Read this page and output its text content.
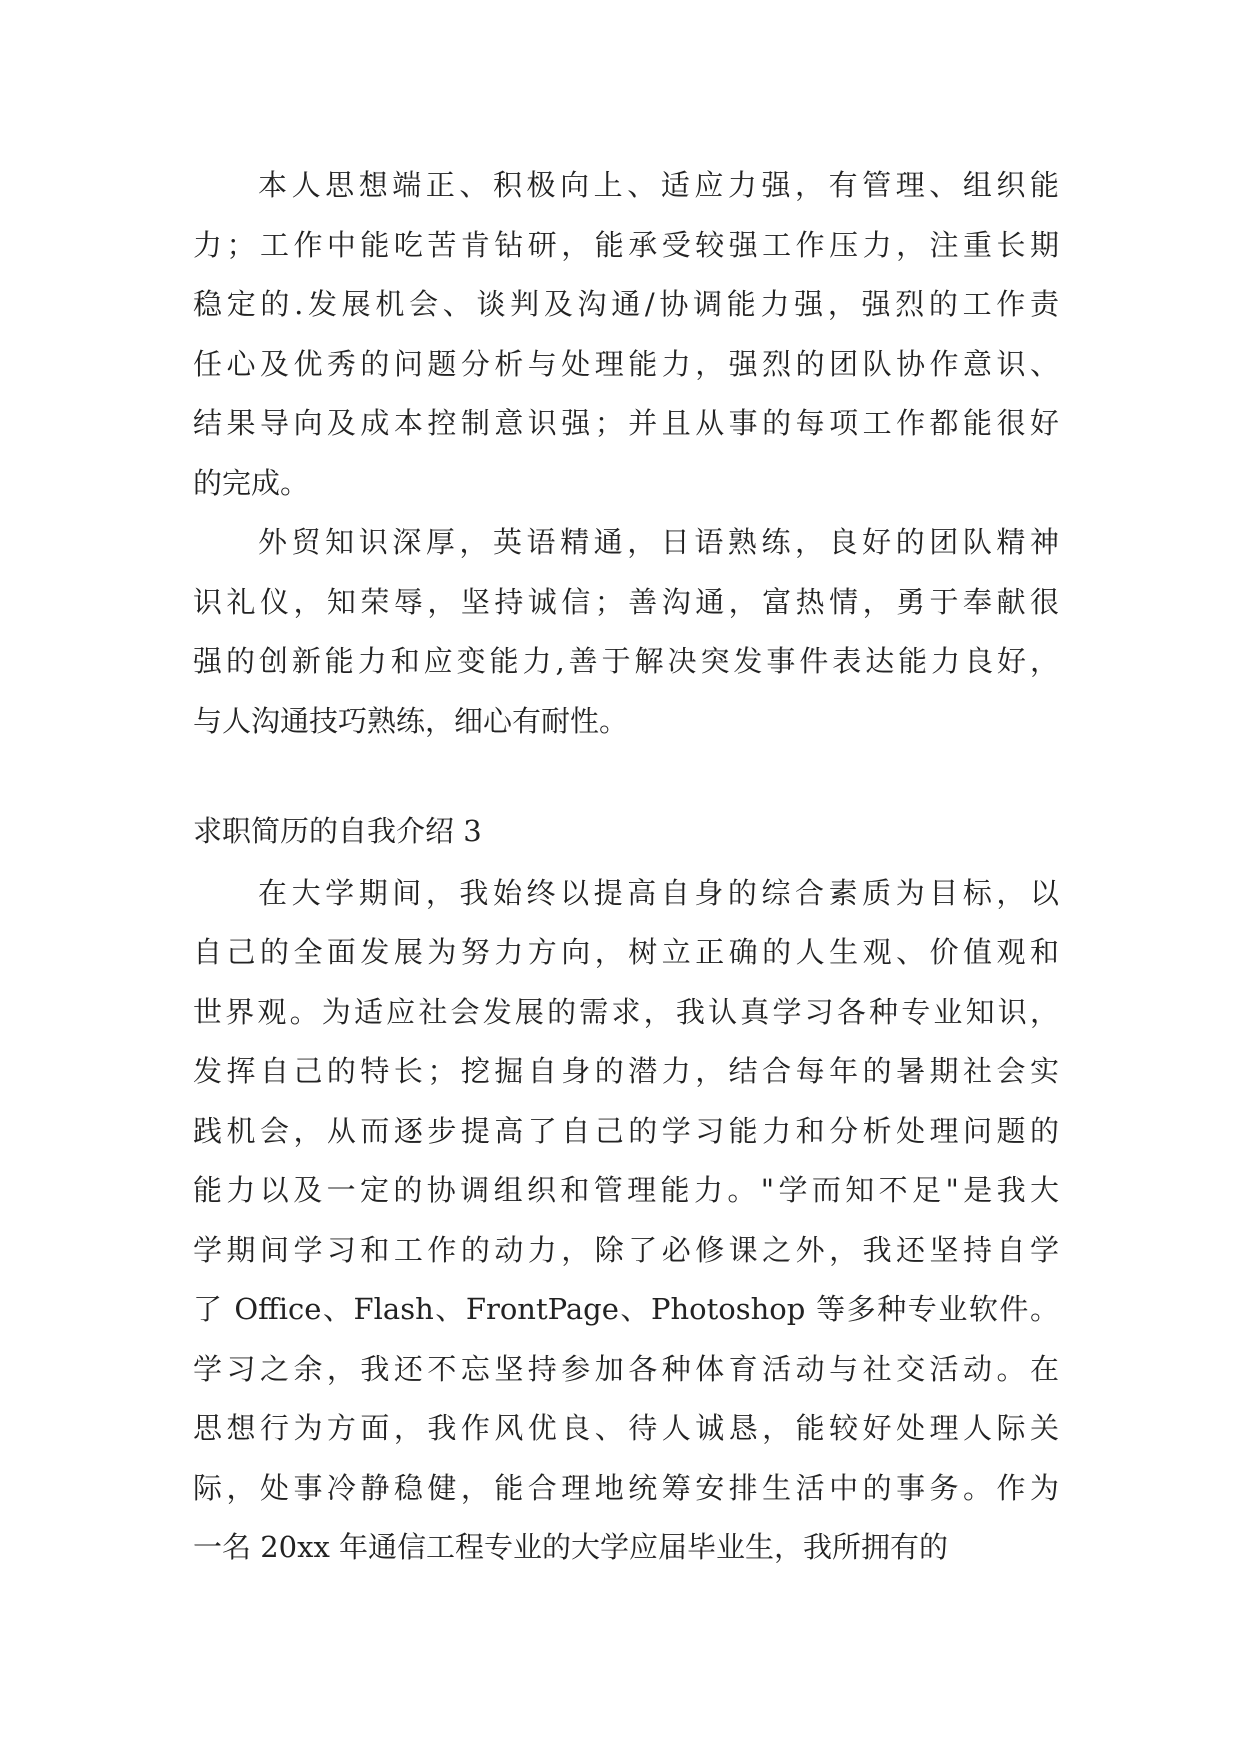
本人思想端正、积极向上、适应力强，有管理、组织能
力；工作中能吃苦肯钻研，能承受较强工作压力，注重长期
稳定的.发展机会、谈判及沟通/协调能力强，强烈的工作责
任心及优秀的问题分析与处理能力，强烈的团队协作意识、
结果导向及成本控制意识强；并且从事的每项工作都能很好
的完成。
外贸知识深厚，英语精通，日语熟练，良好的团队精神
识礼仪，知荣辱，坚持诚信；善沟通，富热情，勇于奉献很
强的创新能力和应变能力,善于解决突发事件表达能力良好，
与人沟通技巧熟练，细心有耐性。
求职简历的自我介绍 3
在大学期间，我始终以提高自身的综合素质为目标，以
自己的全面发展为努力方向，树立正确的人生观、价值观和
世界观。为适应社会发展的需求，我认真学习各种专业知识，
发挥自己的特长；挖掘自身的潜力，结合每年的暑期社会实
践机会，从而逐步提高了自己的学习能力和分析处理问题的
能力以及一定的协调组织和管理能力。"学而知不足"是我大
学期间学习和工作的动力，除了必修课之外，我还坚持自学
了 Office、Flash、FrontPage、Photoshop 等多种专业软件。
学习之余，我还不忘坚持参加各种体育活动与社交活动。在
思想行为方面，我作风优良、待人诚恳，能较好处理人际关
际，处事冷静稳健，能合理地统筹安排生活中的事务。作为
一名 20xx 年通信工程专业的大学应届毕业生，我所拥有的
